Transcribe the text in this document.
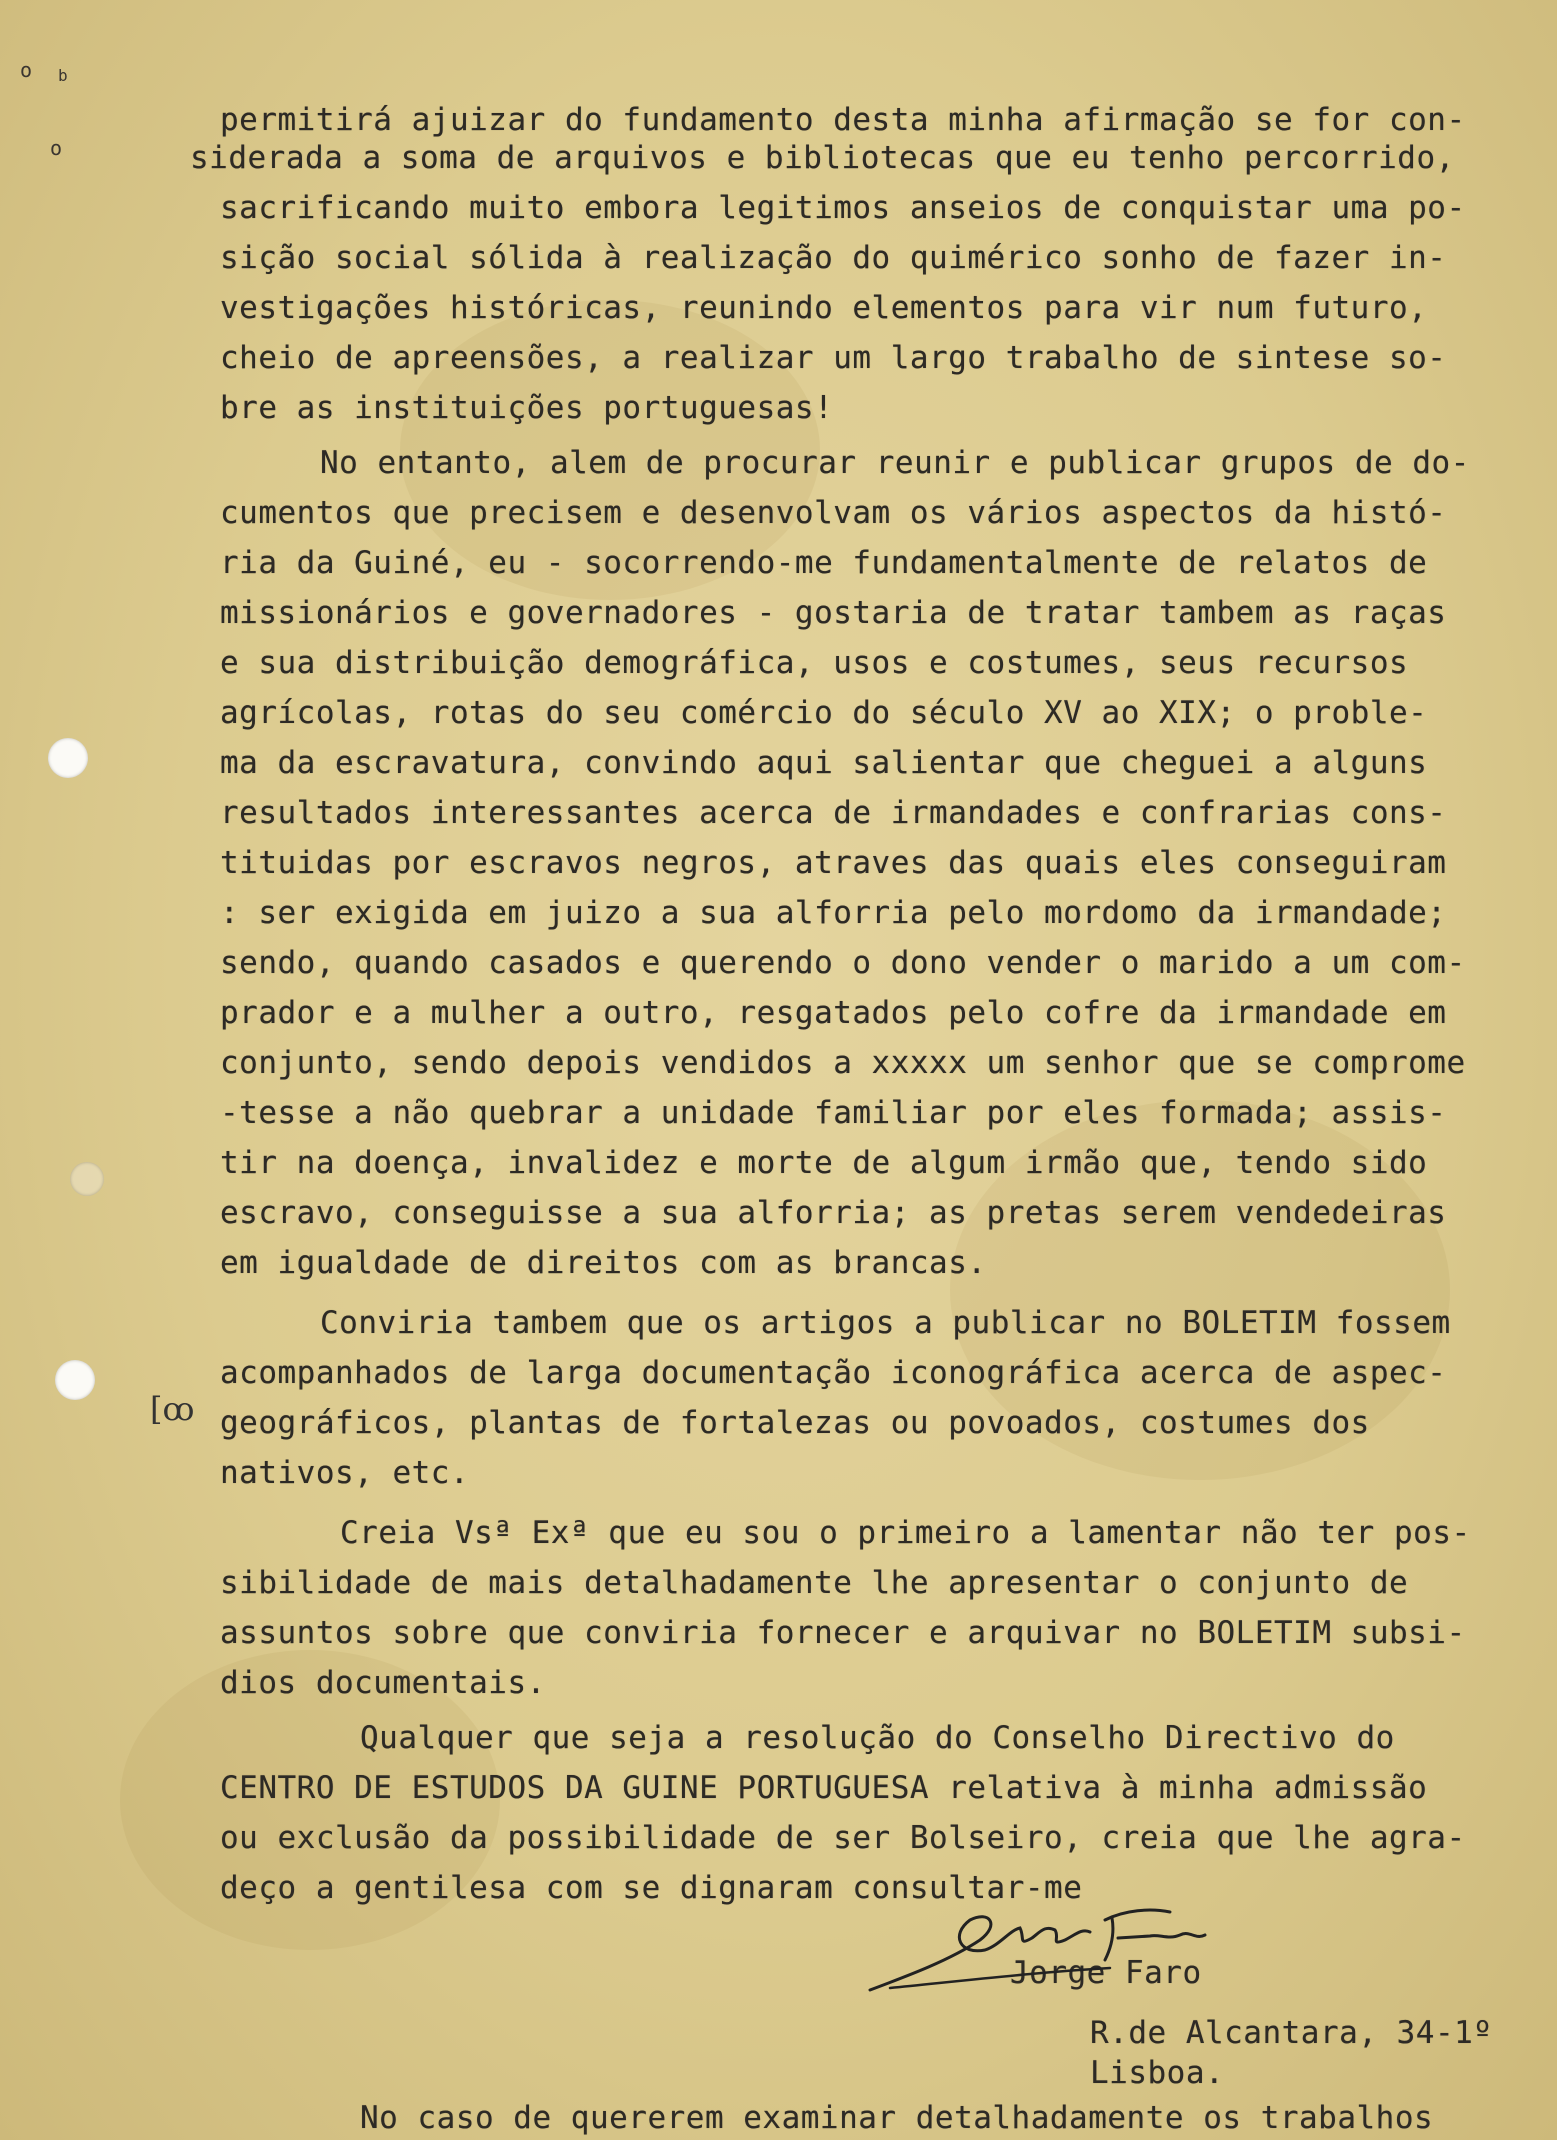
o b
o
[ꝏ
permitirá ajuizar do fundamento desta minha afirmação se for con-
siderada a soma de arquivos e bibliotecas que eu tenho percorrido,
sacrificando muito embora legitimos anseios de conquistar uma po-
sição social sólida à realização do quimérico sonho de fazer in-
vestigações históricas, reunindo elementos para vir num futuro,
cheio de apreensões, a realizar um largo trabalho de sintese so-
bre as instituições portuguesas!
No entanto, alem de procurar reunir e publicar grupos de do-
cumentos que precisem e desenvolvam os vários aspectos da histó-
ria da Guiné, eu - socorrendo-me fundamentalmente de relatos de
missionários e governadores - gostaria de tratar tambem as raças
e sua distribuição demográfica, usos e costumes, seus recursos
agrícolas, rotas do seu comércio do século XV ao XIX; o proble-
ma da escravatura, convindo aqui salientar que cheguei a alguns
resultados interessantes acerca de irmandades e confrarias cons-
tituidas por escravos negros, atraves das quais eles conseguiram
: ser exigida em juizo a sua alforria pelo mordomo da irmandade;
sendo, quando casados e querendo o dono vender o marido a um com-
prador e a mulher a outro, resgatados pelo cofre da irmandade em
conjunto, sendo depois vendidos a xxxxx um senhor que se comprome
-tesse a não quebrar a unidade familiar por eles formada; assis-
tir na doença, invalidez e morte de algum irmão que, tendo sido
escravo, conseguisse a sua alforria; as pretas serem vendedeiras
em igualdade de direitos com as brancas.
Conviria tambem que os artigos a publicar no BOLETIM fossem
acompanhados de larga documentação iconográfica acerca de aspec-
geográficos, plantas de fortalezas ou povoados, costumes dos
nativos, etc.
Creia Vsª Exª que eu sou o primeiro a lamentar não ter pos-
sibilidade de mais detalhadamente lhe apresentar o conjunto de
assuntos sobre que conviria fornecer e arquivar no BOLETIM subsi-
dios documentais.
Qualquer que seja a resolução do Conselho Directivo do
CENTRO DE ESTUDOS DA GUINE PORTUGUESA relativa à minha admissão
ou exclusão da possibilidade de ser Bolseiro, creia que lhe agra-
deço a gentilesa com se dignaram consultar-me
Jorge Faro
R.de Alcantara, 34-1º
Lisboa.
No caso de quererem examinar detalhadamente os trabalhos
